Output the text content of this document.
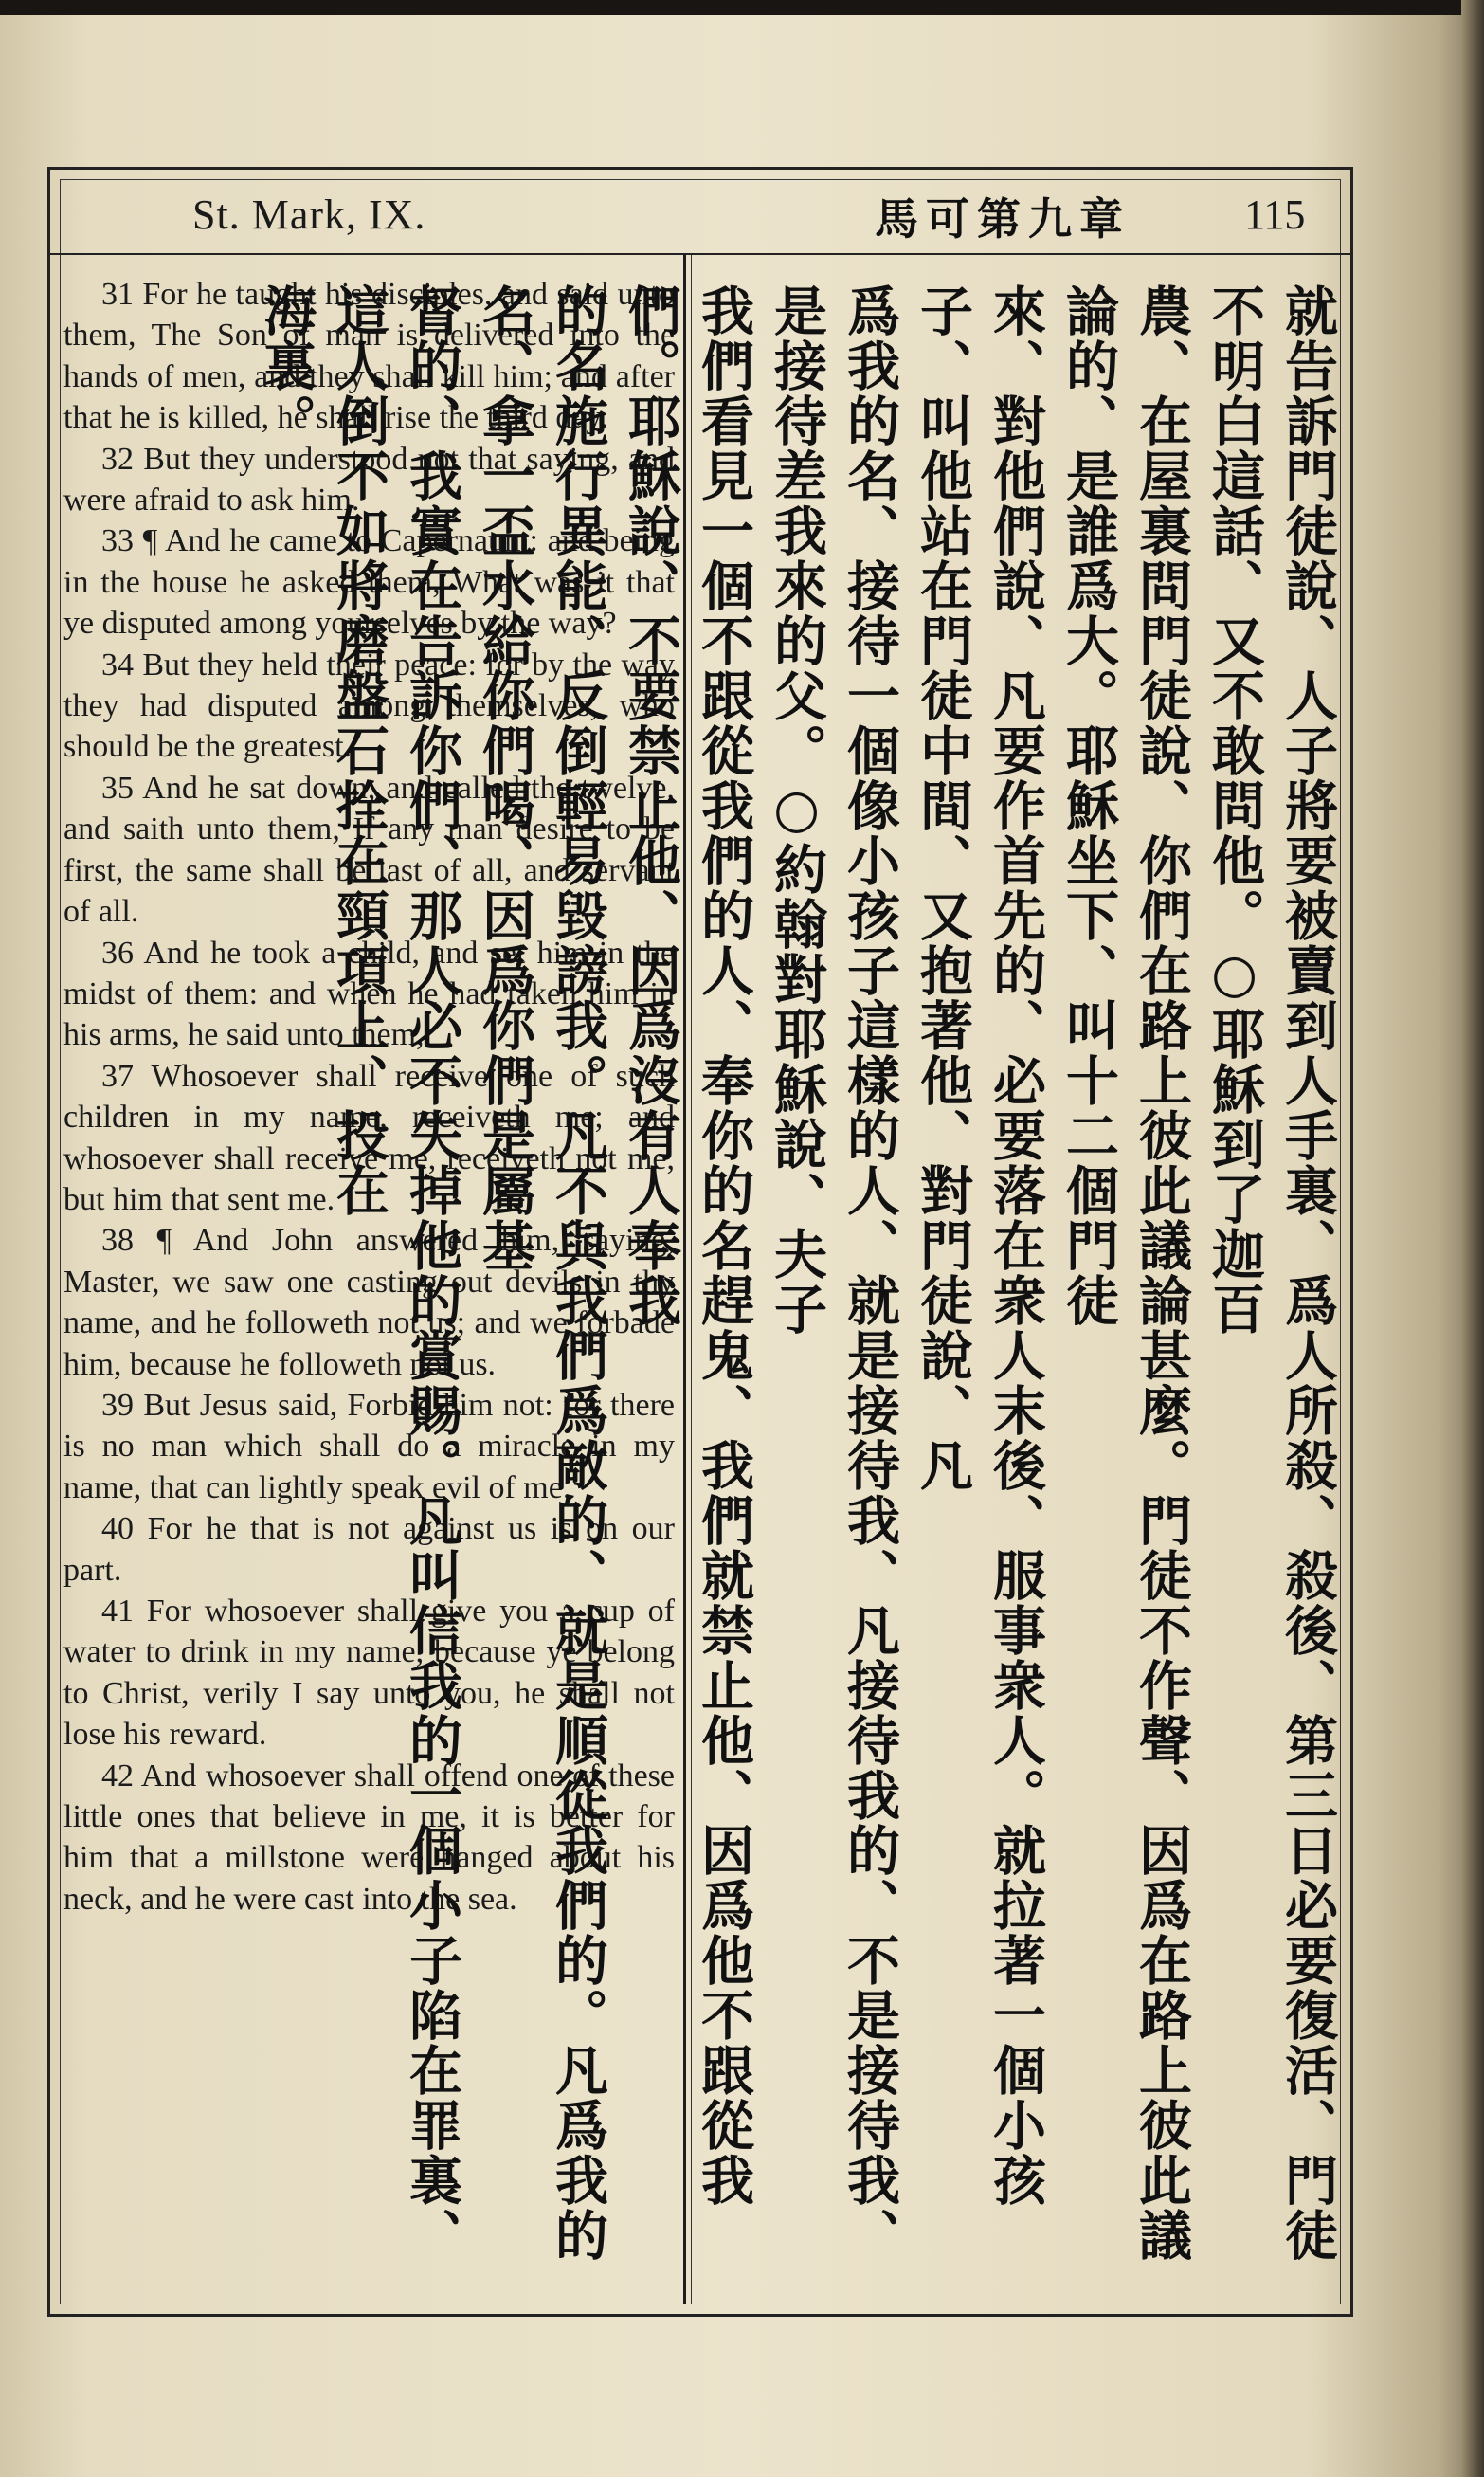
St. Mark, IX.	馬可第九章	115

31 For he taught his disciples, and said unto them, The Son of man is delivered into the hands of men, and they shall kill him; and after that he is killed, he shall rise the third day.

32 But they understood not that saying, and were afraid to ask him.

33 ¶ And he came to Capernaum: and being in the house he asked them, What was it that ye disputed among yourselves by the way?

34 But they held their peace: for by the way they had disputed among themselves, who should be the greatest.

35 And he sat down, and called the twelve, and saith unto them, If any man desire to be first, the same shall be last of all, and servant of all.

36 And he took a child, and set him in the midst of them: and when he had taken him in his arms, he said unto them,

37 Whosoever shall receive one of such children in my name, receiveth me; and whosoever shall receive me, receiveth not me, but him that sent me.

38 ¶ And John answered him, saying, Master, we saw one casting out devils in thy name, and he followeth not us; and we forbade him, because he followeth not us.

39 But Jesus said, Forbid him not: for there is no man which shall do a miracle in my name, that can lightly speak evil of me.

40 For he that is not against us is on our part.

41 For whosoever shall give you a cup of water to drink in my name, because ye belong to Christ, verily I say unto you, he shall not lose his reward.

42 And whosoever shall offend one of these little ones that believe in me, it is better for him that a millstone were hanged about his neck, and he were cast into the sea.	就告訴門徒說、人子將要被賣到人手裏、爲人所殺、殺後、第三日必要復活、門徒不明白這話、又不敢問他。○耶穌到了迦百

農、在屋裏問門徒說、你們在路上彼此議論甚麼。門徒不作聲、因爲在路上彼此議論的、是誰爲大。耶穌坐下、叫十二個門徒

來、對他們說、凡要作首先的、必要落在衆人末後、服事衆人。就拉著一個小孩子、叫他站在門徒中間、又抱著他、對門徒說、凡

爲我的名、接待一個像小孩子這樣的人、就是接待我、凡接待我的、不是接待我、是接待差我來的父。○約翰對耶穌說、夫子

我們看見一個不跟從我們的人、奉你的名趕鬼、我們就禁止他、因爲他不跟從我們。耶穌說、不要禁止他、因爲沒有人奉我

的名施行異能、反倒輕易毀謗我。凡不與我們爲敵的、就是順從我們的。凡爲我的名、拿一盃水給你們喝、因爲你們是屬基

督的、我實在告訴你們、那人必不失掉他的賞賜。凡叫信我的一個小子陷在罪裏、這人倒不如將磨盤石拴在頸項上、投在

海裏。
